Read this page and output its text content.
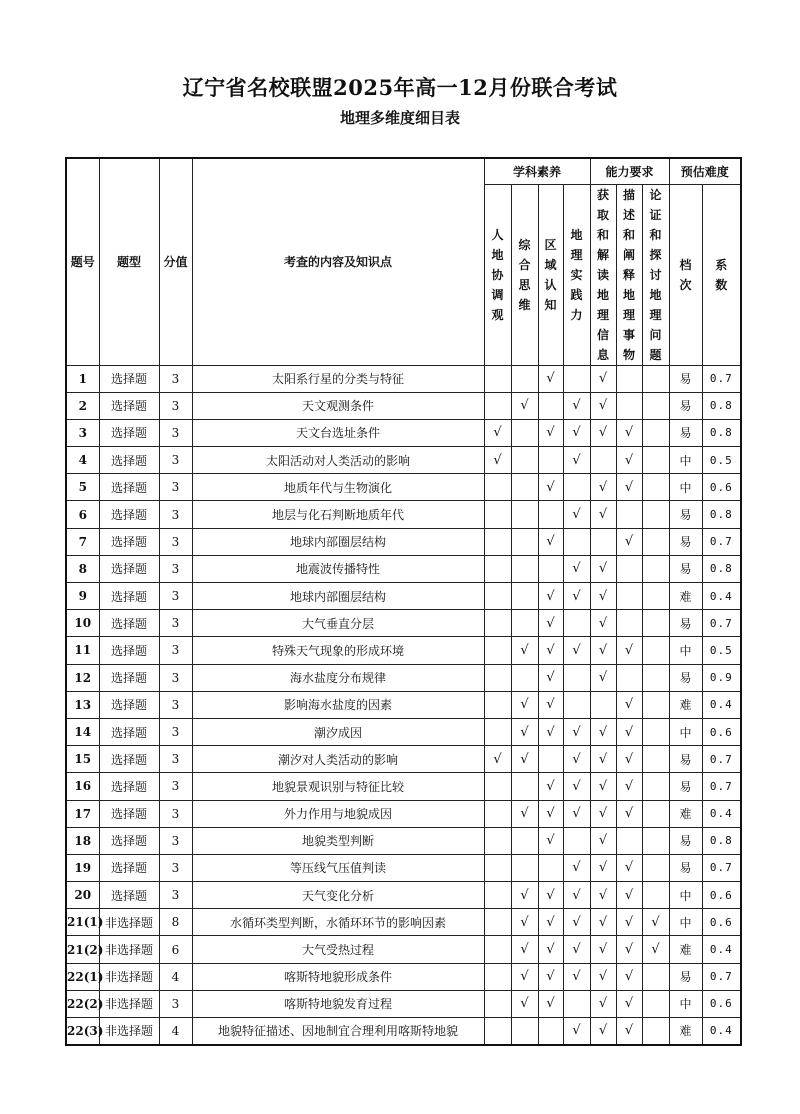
辽宁省名校联盟2025年高一12月份联合考试
地理多维度细目表
题号	题型	分值	考查的内容及知识点	学科素养				能力要求			预估难度	
				人地协调观	综合思维	区域认知	地理实践力	获取和解读地理信息	描述和阐释地理事物	论证和探讨地理问题	档次	系数
1	选择题	3	太阳系行星的分类与特征			√		√			易	0.7
2	选择题	3	天文观测条件		√		√	√			易	0.8
3	选择题	3	天文台选址条件	√		√	√	√	√		易	0.8
4	选择题	3	太阳活动对人类活动的影响	√			√		√		中	0.5
5	选择题	3	地质年代与生物演化			√		√	√		中	0.6
6	选择题	3	地层与化石判断地质年代				√	√			易	0.8
7	选择题	3	地球内部圈层结构			√			√		易	0.7
8	选择题	3	地震波传播特性				√	√			易	0.8
9	选择题	3	地球内部圈层结构			√	√	√			难	0.4
10	选择题	3	大气垂直分层			√		√			易	0.7
11	选择题	3	特殊天气现象的形成环境		√	√	√	√	√		中	0.5
12	选择题	3	海水盐度分布规律			√		√			易	0.9
13	选择题	3	影响海水盐度的因素		√	√			√		难	0.4
14	选择题	3	潮汐成因		√	√	√	√	√		中	0.6
15	选择题	3	潮汐对人类活动的影响	√	√		√	√	√		易	0.7
16	选择题	3	地貌景观识别与特征比较			√	√	√	√		易	0.7
17	选择题	3	外力作用与地貌成因		√	√	√	√	√		难	0.4
18	选择题	3	地貌类型判断			√		√			易	0.8
19	选择题	3	等压线气压值判读				√	√	√		易	0.7
20	选择题	3	天气变化分析		√	√	√	√	√		中	0.6
21(1)	非选择题	8	水循环类型判断，水循环环节的影响因素		√	√	√	√	√	√	中	0.6
21(2)	非选择题	6	大气受热过程		√	√	√	√	√	√	难	0.4
22(1)	非选择题	4	喀斯特地貌形成条件		√	√	√	√	√		易	0.7
22(2)	非选择题	3	喀斯特地貌发育过程		√	√		√	√		中	0.6
22(3)	非选择题	4	地貌特征描述、因地制宜合理利用喀斯特地貌				√	√	√		难	0.4
